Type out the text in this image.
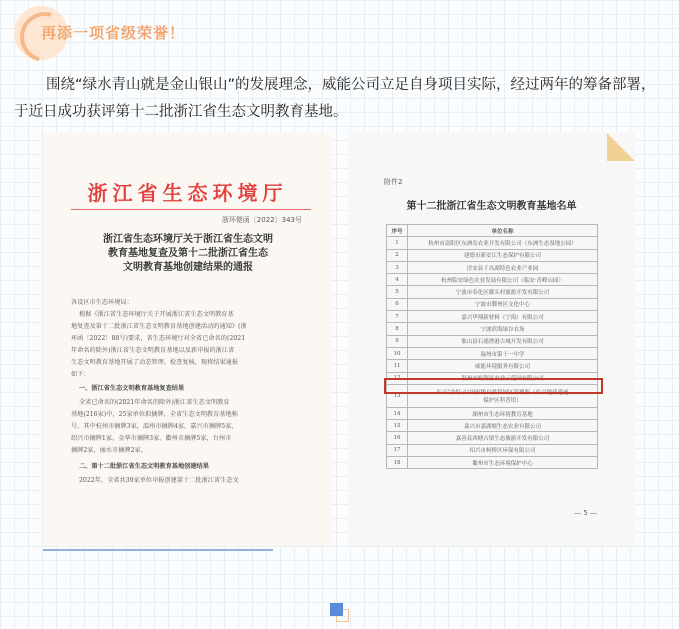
再添一项省级荣誉！

围绕“绿水青山就是金山银山”的发展理念，威能公司立足自身项目实际，经过两年的筹备部署，于近日成功获评第十二批浙江省生态文明教育基地。

浙江省生态环境厅
浙环便函〔2022〕343号
浙江省生态环境厅关于浙江省生态文明
教育基地复查及第十二批浙江省生态
文明教育基地创建结果的通报
各设区市生态环境局：
根据《浙江省生态环境厅关于开展浙江省生态文明教育基
地复查及第十二批浙江省生态文明教育基地创建活动的通知》(浙
环函〔2022〕88号)要求，省生态环境厅对全省已命名的(2021
年命名的除外)浙江省生态文明教育基地以及新申报的浙江省
生态文明教育基地开展了动态管理、检查复核，现将结果通报
如下：
一、浙江省生态文明教育基地复查结果
全省已命名的(2021年命名的除外)浙江省生态文明教育
基地(216家)中，25家单位拟摘牌，全省生态文明教育基地称
号。其中杭州市摘牌3家，温州市摘牌4家，嘉兴市摘牌5家，
绍兴市摘牌1家，金华市摘牌3家，衢州市摘牌5家，台州市
摘牌2家，丽水市摘牌2家。
二、第十二批浙江省生态文明教育基地创建结果
2022年，全省共39家单位申报创建第十二批浙江省生态文
附件2
第十二批浙江省生态文明教育基地名单
序号	单位名称
1	杭州市富阳区东洲岛农业开发有限公司（东洲生态湿地公园）
2	建德市新安江生态保护有限公司
3	淳安县千岛湖特色农业产业园
4	杭州临安绿色农业发展有限公司（临安·青峰山园）
5	宁波市奉化区滕头村旅游开发有限公司
6	宁波市鄞州区文化中心
7	嘉兴华翔新材料（宁海）有限公司
8	宁波滨海绿谷农场
9	象山县石浦渔港古城开发有限公司
10	温州市第十一中学
11	威能环境服务有限公司
12	温州市瓯海区农业示范园有限公司
13	长兴“金钉子”国家级自然保护区管理所（长兴地质遗迹
保护区科普馆）

14	湖州市生态环境教育基地
15	嘉兴市嘉湖塘生态农业有限公司
16	嘉善县西塘古镇生态旅游开发有限公司
17	绍兴市柯桥区环保有限公司
18	衢州市生态环境保护中心
— 5 —
